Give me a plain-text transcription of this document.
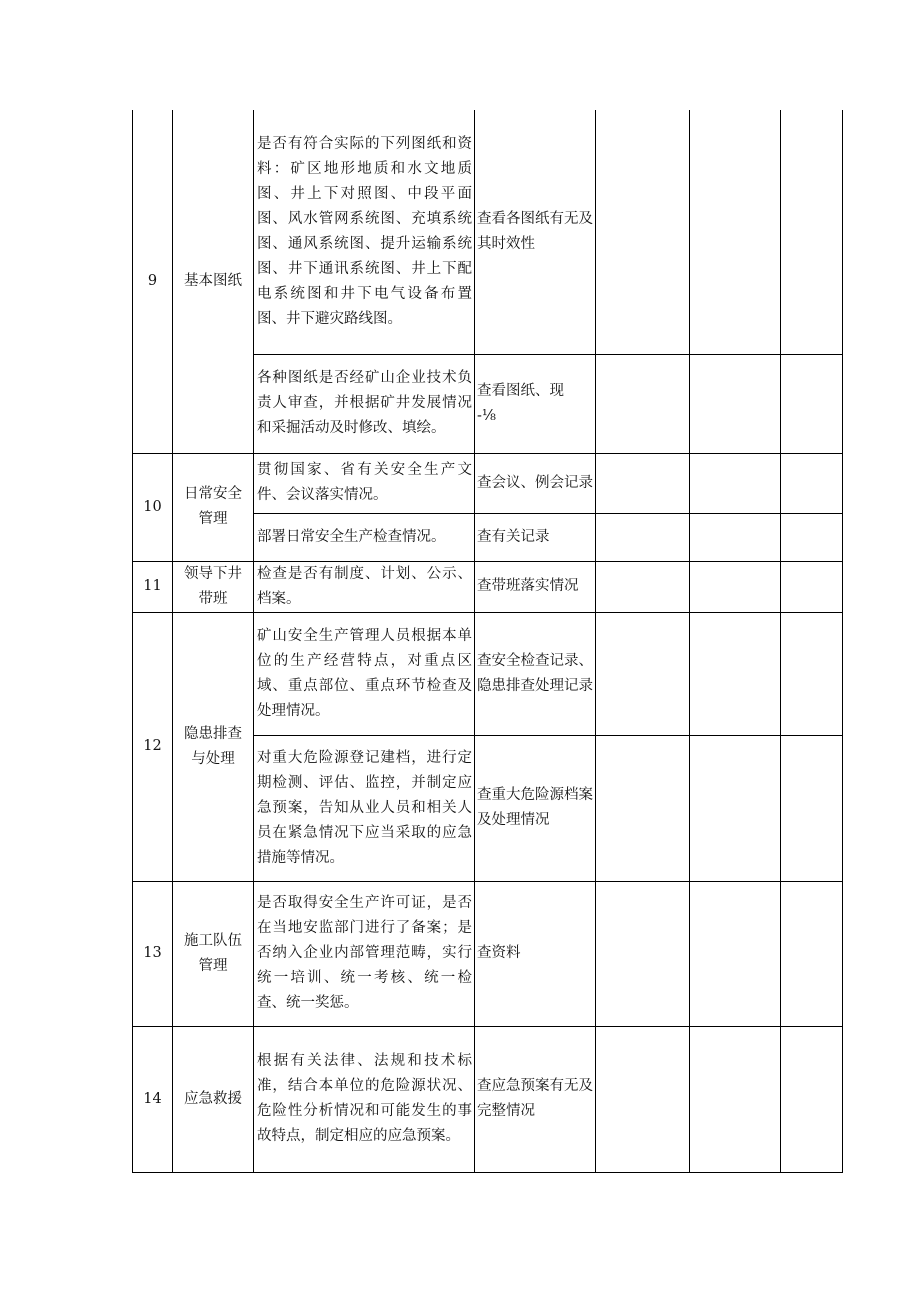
9	基本图纸	是否有符合实际的下列图纸和资料：矿区地形地质和水文地质图、井上下对照图、中段平面图、风水管网系统图、充填系统图、通风系统图、提升运输系统图、井下通讯系统图、井上下配电系统图和井下电气设备布置图、井下避灾路线图。	查看各图纸有无及其时效性			

		各种图纸是否经矿山企业技术负责人审查，并根据矿井发展情况和采掘活动及时修改、填绘。	查看图纸、现
-⅛			

10	日常安全管理	贯彻国家、省有关安全生产文件、会议落实情况。	查会议、例会记录			

		部署日常安全生产检查情况。	查有关记录			

11	领导下井带班	检查是否有制度、计划、公示、档案。	查带班落实情况			

12	隐患排查与处理	矿山安全生产管理人员根据本单位的生产经营特点，对重点区域、重点部位、重点环节检查及处理情况。	查安全检查记录、隐患排查处理记录			

		对重大危险源登记建档，进行定期检测、评估、监控，并制定应急预案，告知从业人员和相关人员在紧急情况下应当采取的应急措施等情况。	查重大危险源档案及处理情况			

13	施工队伍管理	是否取得安全生产许可证，是否在当地安监部门进行了备案；是否纳入企业内部管理范畴，实行统一培训、统一考核、统一检查、统一奖惩。	查资料			

14	应急救援	根据有关法律、法规和技术标准，结合本单位的危险源状况、危险性分析情况和可能发生的事故特点，制定相应的应急预案。	查应急预案有无及完整情况			
